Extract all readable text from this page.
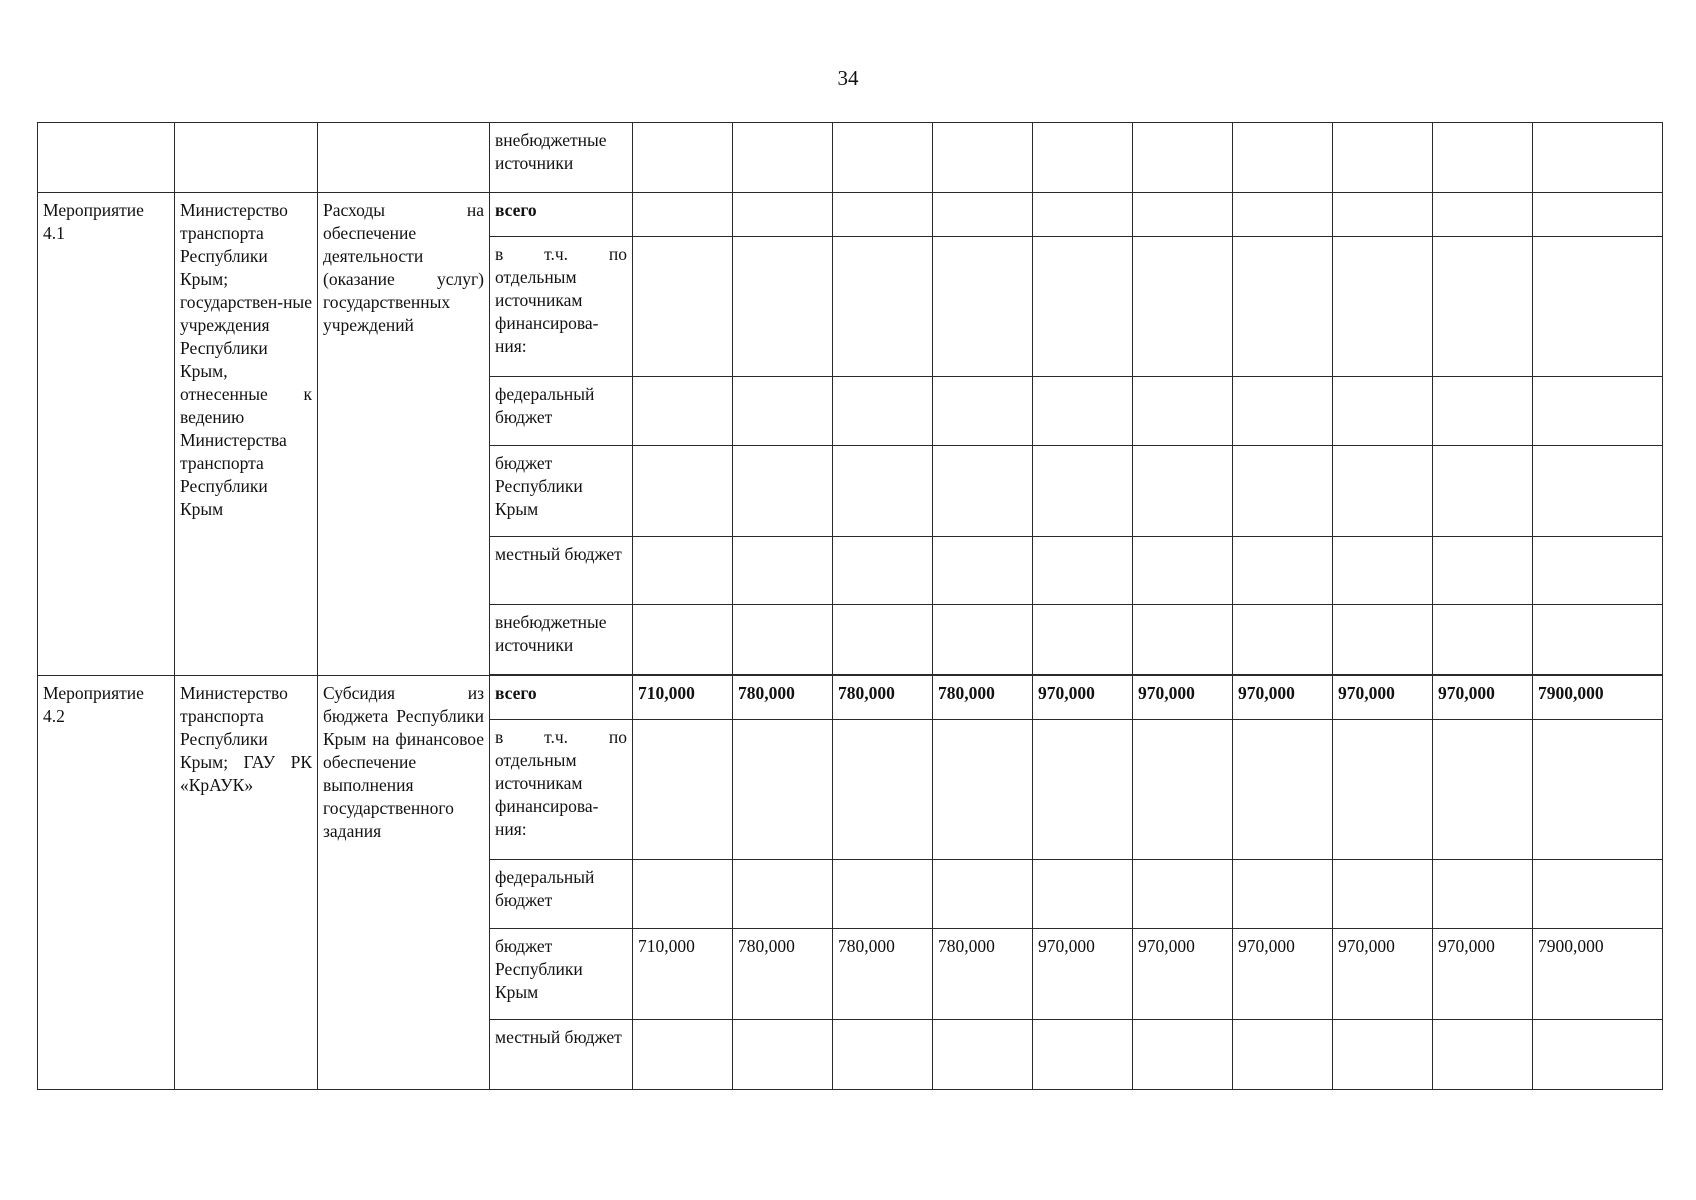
34
			внебюджетные источники										
Мероприятие 4.1	Министерство транспорта Республики Крым; государствен-ные учреждения Республики Крым, отнесенные к ведению Министерства транспорта Республики Крым	Расходы на обеспечение деятельности (оказание услуг) государственных учреждений	всего										
			в т.ч. по отдельным источникам финансирова-ния:										
			федеральный бюджет										
			бюджет Республики Крым										
			местный бюджет										
			внебюджетные источники										

Мероприятие 4.2	Министерство транспорта Республики Крым; ГАУ РК «КрАУК»	Субсидия из бюджета Республики Крым на финансовое обеспечение выполнения государственного задания	всего	710,000	780,000	780,000	780,000	970,000	970,000	970,000	970,000	970,000	7900,000
			в т.ч. по отдельным источникам финансирова-ния:										
			федеральный бюджет										
			бюджет Республики Крым	710,000	780,000	780,000	780,000	970,000	970,000	970,000	970,000	970,000	7900,000
			местный бюджет										
